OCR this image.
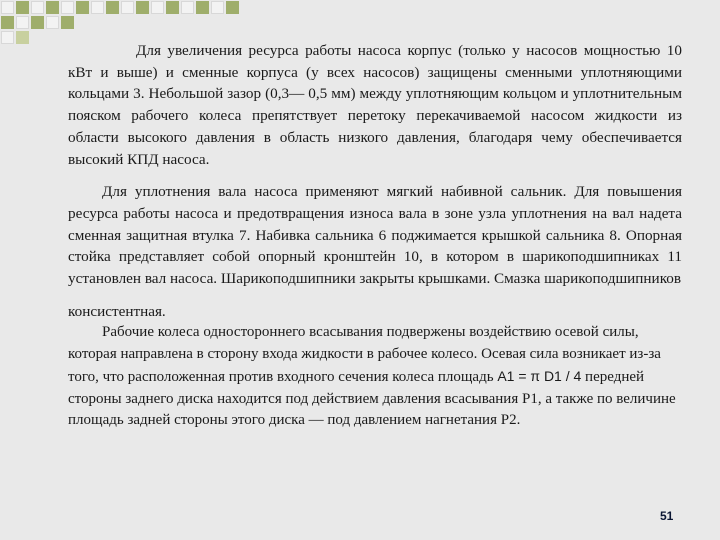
Для увеличения ресурса работы насоса корпус (только у насосов мощностью 10 кВт и выше) и сменные корпуса (у всех насосов) защищены сменными уплотняющими кольцами 3. Небольшой зазор (0,3— 0,5 мм) между уплотняющим кольцом и уплотнительным пояском рабочего колеса препятствует перетоку перекачиваемой насосом жидкости из области высокого давления в область низкого давления, благодаря чему обеспечивается высокий КПД насоса.

Для уплотнения вала насоса применяют мягкий набивной сальник. Для повышения ресурса работы насоса и предотвращения износа вала в зоне узла уплотнения на вал надета сменная защитная втулка 7. Набивка сальника 6 поджимается крышкой сальника 8. Опорная стойка представляет собой опорный кронштейн 10, в котором в шарикоподшипниках 11 установлен вал насоса. Шарикоподшипники закрыты крышками. Смазка шарикоподшипников

консистентная.

Рабочие колеса одностороннего всасывания подвержены воздействию осевой силы, которая направлена в сторону входа жидкости в рабочее колесо. Осевая сила возникает из-за того, что расположенная против входного сечения колеса площадь A1 = π D1 / 4 передней стороны заднего диска находится под действием давления всасывания P1, а также по величине площадь задней стороны этого диска — под давлением нагнетания P2.

51
